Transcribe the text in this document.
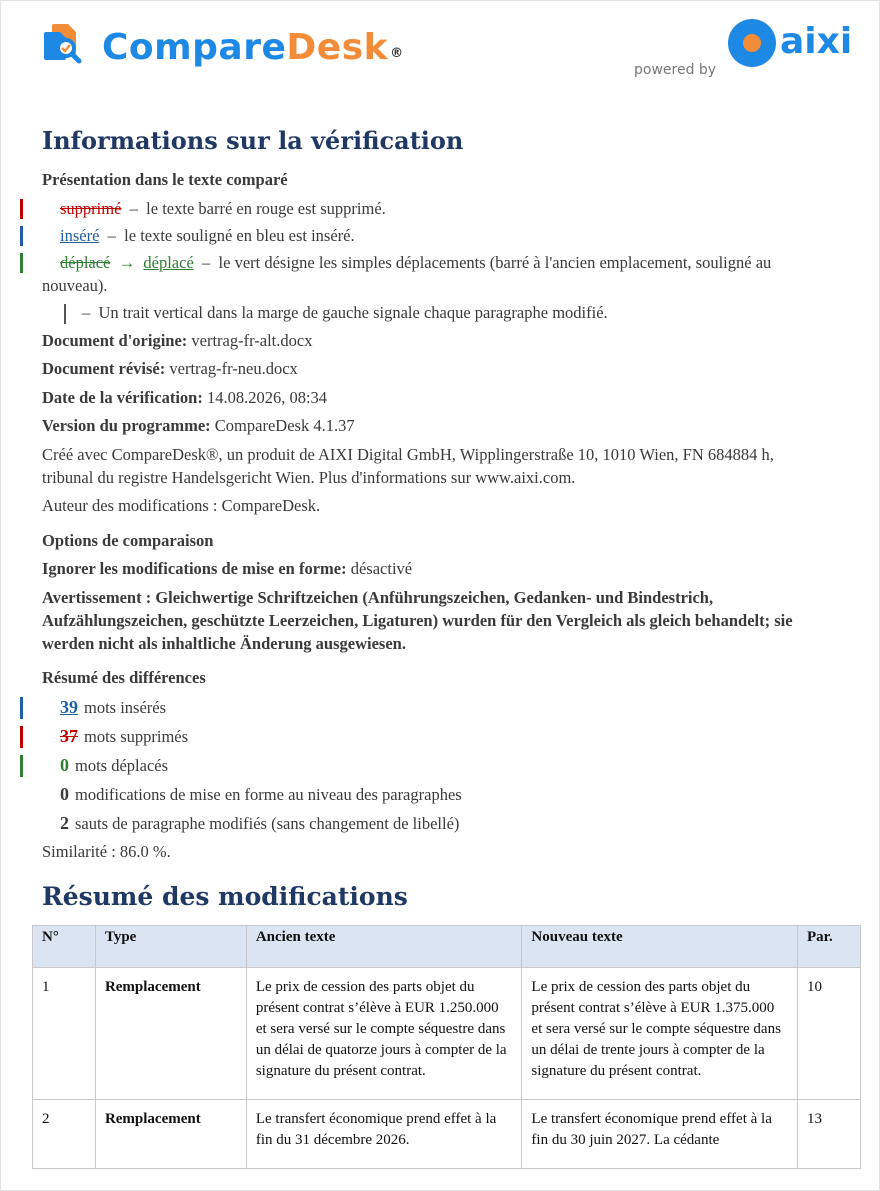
CompareDesk ®
powered by
aixi
Informations sur la vérification
Présentation dans le texte comparé
supprimé – le texte barré en rouge est supprimé.
inséré – le texte souligné en bleu est inséré.
déplacé → déplacé – le vert désigne les simples déplacements (barré à l'ancien emplacement, souligné au
nouveau).
– Un trait vertical dans la marge de gauche signale chaque paragraphe modifié.
Document d'origine: vertrag-fr-alt.docx
Document révisé: vertrag-fr-neu.docx
Date de la vérification: 14.08.2026, 08:34
Version du programme: CompareDesk 4.1.37
Créé avec CompareDesk®, un produit de AIXI Digital GmbH, Wipplingerstraße 10, 1010 Wien, FN 684884 h,
tribunal du registre Handelsgericht Wien. Plus d'informations sur www.aixi.com.
Auteur des modifications : CompareDesk.
Options de comparaison
Ignorer les modifications de mise en forme: désactivé
Avertissement : Gleichwertige Schriftzeichen (Anführungszeichen, Gedanken- und Bindestrich,
Aufzählungszeichen, geschützte Leerzeichen, Ligaturen) wurden für den Vergleich als gleich behandelt; sie
werden nicht als inhaltliche Änderung ausgewiesen.
Résumé des différences
39 mots insérés
37 mots supprimés
0 mots déplacés
0 modifications de mise en forme au niveau des paragraphes
2 sauts de paragraphe modifiés (sans changement de libellé)
Similarité : 86.0 %.
Résumé des modifications
N°	Type	Ancien texte	Nouveau texte	Par.
1	Remplacement	Le prix de cession des parts objet du présent contrat s’élève à EUR 1.250.000 et sera versé sur le compte séquestre dans un délai de quatorze jours à compter de la signature du présent contrat.	Le prix de cession des parts objet du présent contrat s’élève à EUR 1.375.000 et sera versé sur le compte séquestre dans un délai de trente jours à compter de la signature du présent contrat.	10
2	Remplacement	Le transfert économique prend effet à la fin du 31 décembre 2026.	Le transfert économique prend effet à la fin du 30 juin 2027. La cédante	13
